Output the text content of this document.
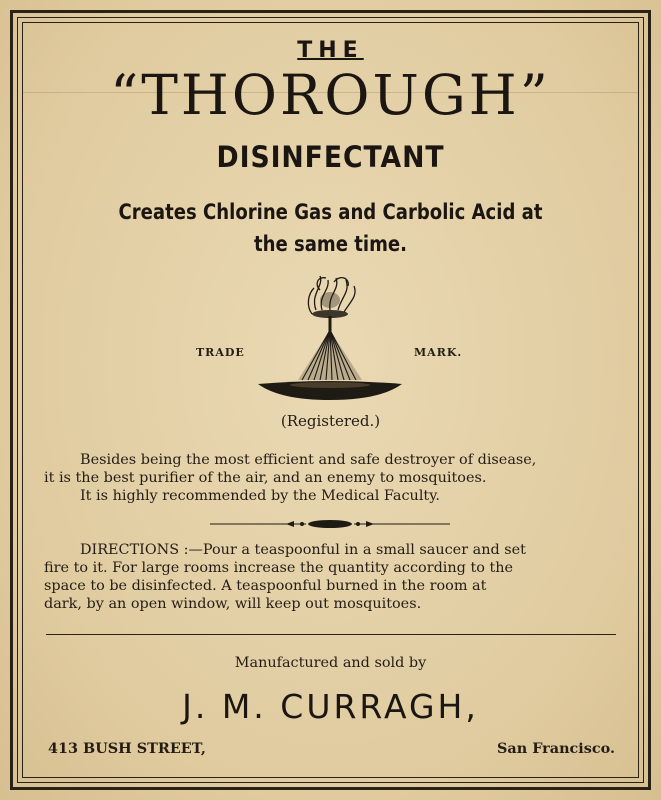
THE
“THOROUGH”
DISINFECTANT
Creates Chlorine Gas and Carbolic Acid at
the same time.
TRADE	MARK.
(Registered.)
Besides being the most efficient and safe destroyer of disease,
it is the best purifier of the air, and an enemy to mosquitoes.
It is highly recommended by the Medical Faculty.
DIRECTIONS :—Pour a teaspoonful in a small saucer and set
fire to it. For large rooms increase the quantity according to the
space to be disinfected. A teaspoonful burned in the room at
dark, by an open window, will keep out mosquitoes.
Manufactured and sold by
J. M. CURRAGH,
413 BUSH STREET,	San Francisco.
